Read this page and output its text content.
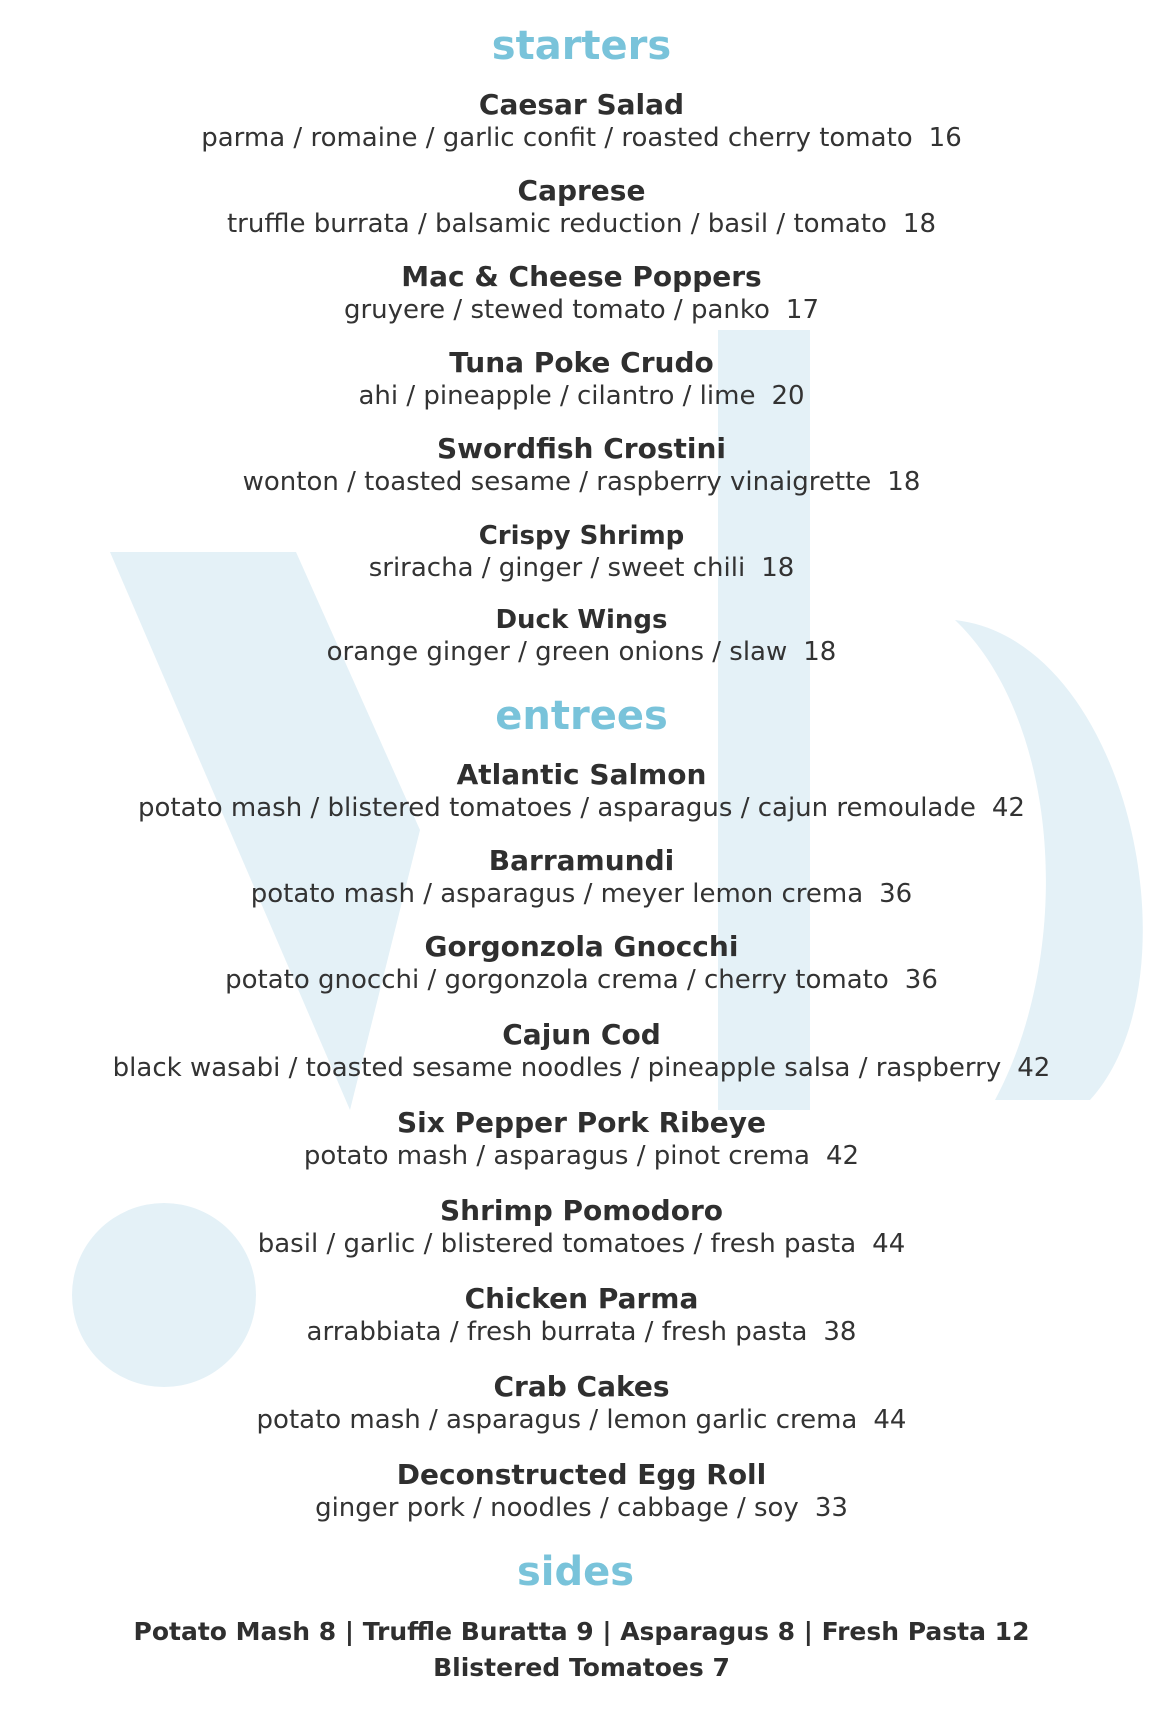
starters
Caesar Salad
parma / romaine / garlic confit / roasted cherry tomato 16
Caprese
truffle burrata / balsamic reduction / basil / tomato 18
Mac & Cheese Poppers
gruyere / stewed tomato / panko 17
Tuna Poke Crudo
ahi / pineapple / cilantro / lime 20
Swordfish Crostini
wonton / toasted sesame / raspberry vinaigrette 18
Crispy Shrimp
sriracha / ginger / sweet chili 18
Duck Wings
orange ginger / green onions / slaw 18
entrees
Atlantic Salmon
potato mash / blistered tomatoes / asparagus / cajun remoulade 42
Barramundi
potato mash / asparagus / meyer lemon crema 36
Gorgonzola Gnocchi
potato gnocchi / gorgonzola crema / cherry tomato 36
Cajun Cod
black wasabi / toasted sesame noodles / pineapple salsa / raspberry 42
Six Pepper Pork Ribeye
potato mash / asparagus / pinot crema 42
Shrimp Pomodoro
basil / garlic / blistered tomatoes / fresh pasta 44
Chicken Parma
arrabbiata / fresh burrata / fresh pasta 38
Crab Cakes
potato mash / asparagus / lemon garlic crema 44
Deconstructed Egg Roll
ginger pork / noodles / cabbage / soy 33
sides
Potato Mash 8 | Truffle Buratta 9 | Asparagus 8 | Fresh Pasta 12
Blistered Tomatoes 7
